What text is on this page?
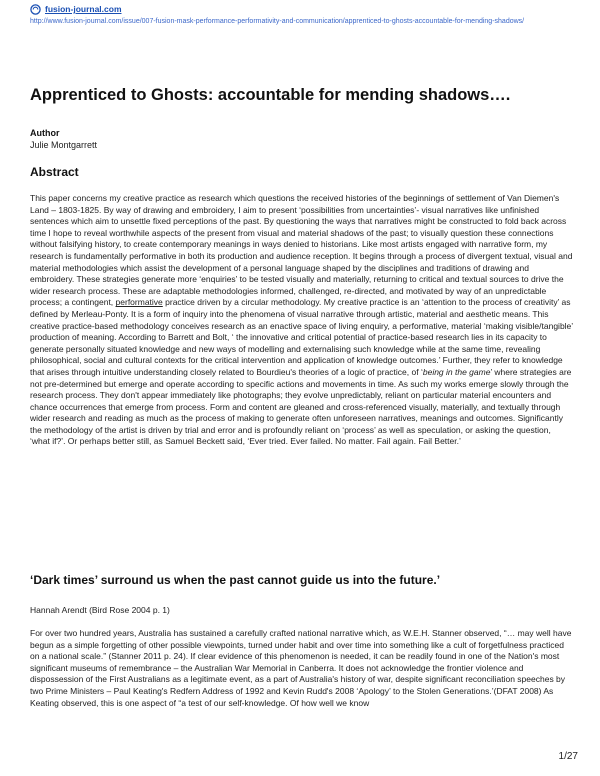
fusion-journal.com
http://www.fusion-journal.com/issue/007-fusion-mask-performance-performativity-and-communication/apprenticed-to-ghosts-accountable-for-mending-shadows/
Apprenticed to Ghosts: accountable for mending shadows….
Author
Julie Montgarrett
Abstract
This paper concerns my creative practice as research which questions the received histories of the beginnings of settlement of Van Diemen's Land – 1803-1825. By way of drawing and embroidery, I aim to present ‘possibilities from uncertainties’- visual narratives like unfinished sentences which aim to unsettle fixed perceptions of the past. By questioning the ways that narratives might be constructed to fold back across time I hope to reveal worthwhile aspects of the present from visual and material shadows of the past; to visually question these connections without falsifying history, to create contemporary meanings in ways denied to historians. Like most artists engaged with narrative form, my research is fundamentally performative in both its production and audience reception. It begins through a process of divergent textual, visual and material methodologies which assist the development of a personal language shaped by the disciplines and traditions of drawing and embroidery. These strategies generate more ‘enquiries’ to be tested visually and materially, returning to critical and textual sources to drive the wider research process. These are adaptable methodologies informed, challenged, re-directed, and motivated by way of an unpredictable process; a contingent, performative practice driven by a circular methodology. My creative practice is an ‘attention to the process of creativity’ as defined by Merleau-Ponty. It is a form of inquiry into the phenomena of visual narrative through artistic, material and aesthetic means. This creative practice-based methodology conceives research as an enactive space of living enquiry, a performative, material ‘making visible/tangible’ production of meaning. According to Barrett and Bolt, ‘ the innovative and critical potential of practice-based research lies in its capacity to generate personally situated knowledge and new ways of modelling and externalising such knowledge while at the same time, revealing philosophical, social and cultural contexts for the critical intervention and application of knowledge outcomes.’ Further, they refer to knowledge that arises through intuitive understanding closely related to Bourdieu's theories of a logic of practice, of ‘being in the game’ where strategies are not pre-determined but emerge and operate according to specific actions and movements in time. As such my works emerge slowly through the research process. They don't appear immediately like photographs; they evolve unpredictably, reliant on particular material encounters and chance occurrences that emerge from process. Form and content are gleaned and cross-referenced visually, materially, and textually through wider research and reading as much as the process of making to generate often unforeseen narratives, meanings and outcomes. Significantly the methodology of the artist is driven by trial and error and is profoundly reliant on ‘process’ as well as speculation, or asking the question, ‘what if?’. Or perhaps better still, as Samuel Beckett said, ‘Ever tried. Ever failed. No matter. Fail again. Fail Better.’
‘Dark times’ surround us when the past cannot guide us into the future.’
Hannah Arendt (Bird Rose 2004 p. 1)
For over two hundred years, Australia has sustained a carefully crafted national narrative which, as W.E.H. Stanner observed, “… may well have begun as a simple forgetting of other possible viewpoints, turned under habit and over time into something like a cult of forgetfulness practiced on a national scale.” (Stanner 2011 p. 24). If clear evidence of this phenomenon is needed, it can be readily found in one of the Nation's most significant museums of remembrance – the Australian War Memorial in Canberra. It does not acknowledge the frontier violence and dispossession of the First Australians as a legitimate event, as a part of Australia's history of war, despite significant reconciliation speeches by two Prime Ministers – Paul Keating's Redfern Address of 1992 and Kevin Rudd's 2008 ‘Apology’ to the Stolen Generations.’(DFAT 2008) As Keating observed, this is one aspect of “a test of our self-knowledge. Of how well we know
1/27
